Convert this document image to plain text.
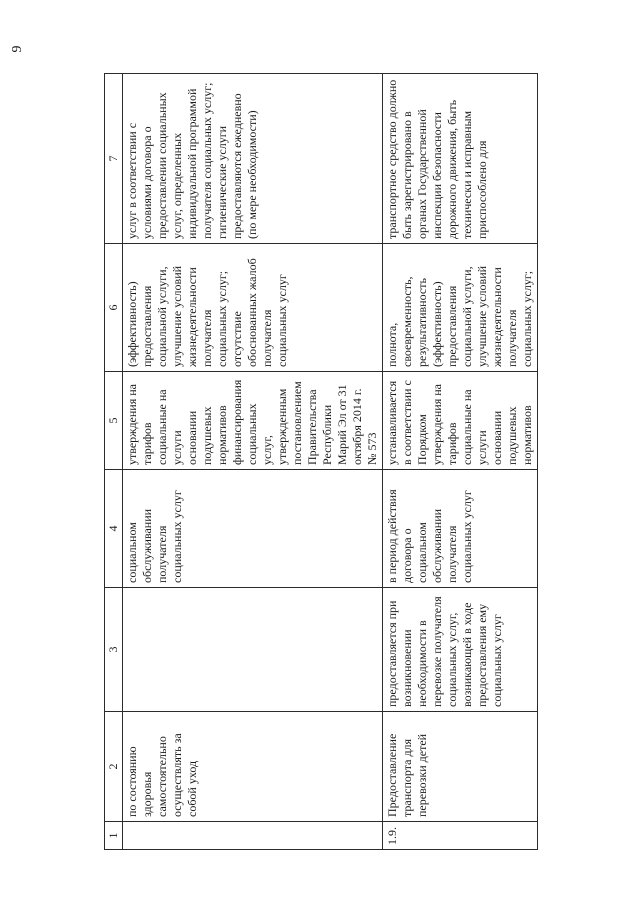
9
1	2	3	4	5	6	7
	по состоянию здоровья самостоятельно осуществлять за собой уход		социальном обслуживании получателя социальных услуг	утверждения на тарифов социальные на услуги основании подушевых нормативов финансирования социальных услуг, утвержденным постановлением Правительства Республики Марий Эл от 31 октября 2014 г. № 573	(эффективность) предоставления социальной услуги, улучшение условий жизнедеятельности получателя социальных услуг; отсутствие обоснованных жалоб получателя социальных услуг	услуг в соответствии с условиями договора о предоставлении социальных услуг, определенных индивидуальной программой получателя социальных услуг; гигиенические услуги предоставляются ежедневно (по мере необходимости)
1.9.	Предоставление транспорта для перевозки детей	предоставляется при возникновении необходимости в перевозке получателя социальных услуг, возникающей в ходе предоставления ему социальных услуг	в период действия договора о социальном обслуживании получателя социальных услуг	устанавливается в соответствии с Порядком утверждения на тарифов социальные на услуги основании подушевых нормативов	полнота, своевременность, результативность (эффективность) предоставления социальной услуги, улучшение условий жизнедеятельности получателя социальных услуг;	транспортное средство должно быть зарегистрировано в органах Государственной инспекции безопасности дорожного движения, быть технически и исправным приспособлено для
